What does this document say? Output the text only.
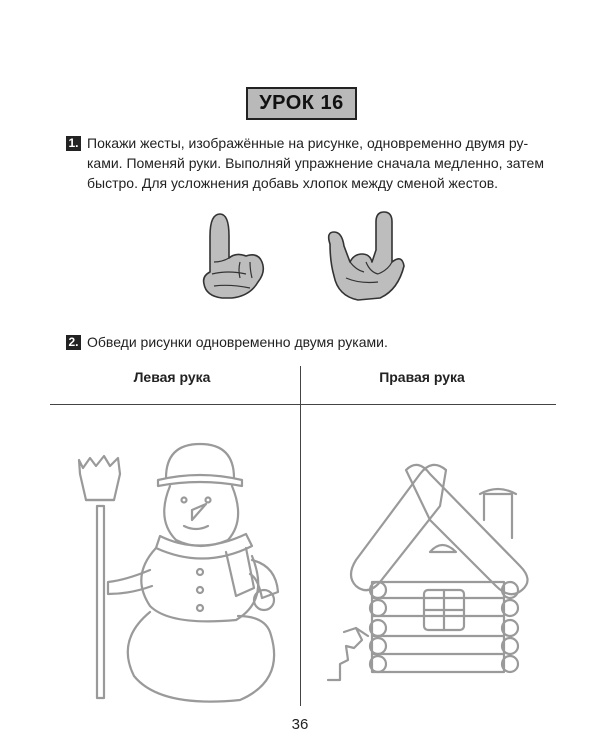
УРОК 16
1. Покажи жесты, изображённые на рисунке, одновременно двумя ру-
ками. Поменяй руки. Выполняй упражнение сначала медленно, затем
быстро. Для усложнения добавь хлопок между сменой жестов.
2. Обведи рисунки одновременно двумя руками.
Левая рука	Правая рука
36
